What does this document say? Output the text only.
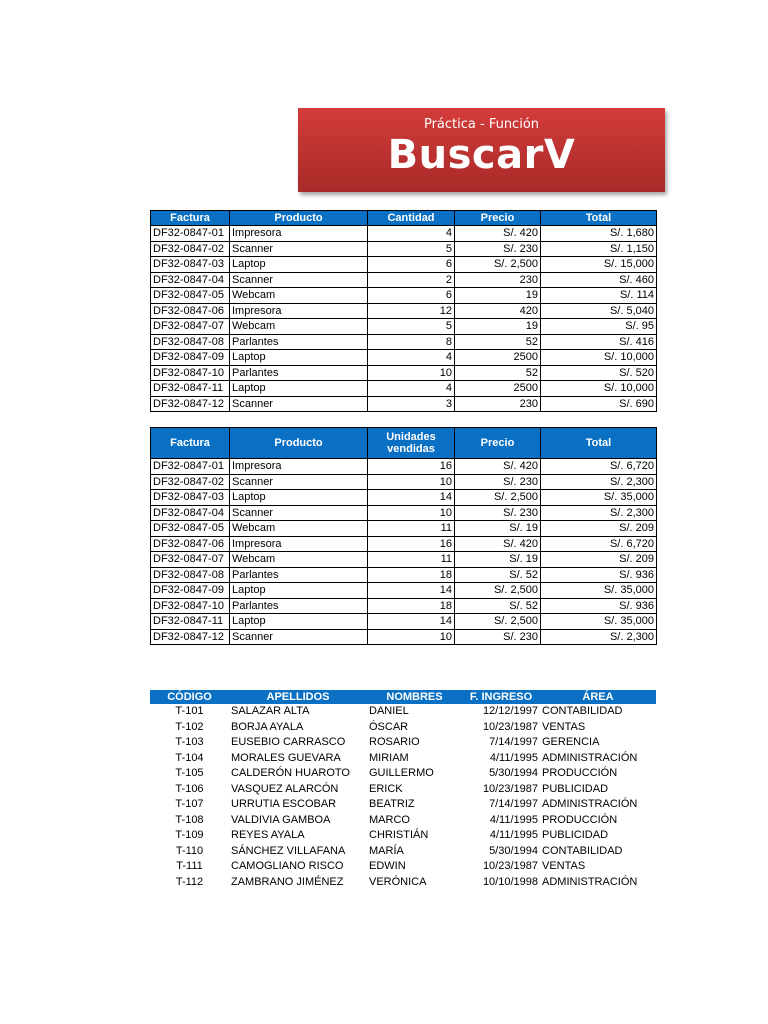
Práctica - Función
BuscarV
Factura	Producto	Cantidad	Precio	Total
DF32-0847-01	Impresora	4	S/. 420	S/. 1,680
DF32-0847-02	Scanner	5	S/. 230	S/. 1,150
DF32-0847-03	Laptop	6	S/. 2,500	S/. 15,000
DF32-0847-04	Scanner	2	230	S/. 460
DF32-0847-05	Webcam	6	19	S/. 114
DF32-0847-06	Impresora	12	420	S/. 5,040
DF32-0847-07	Webcam	5	19	S/. 95
DF32-0847-08	Parlantes	8	52	S/. 416
DF32-0847-09	Laptop	4	2500	S/. 10,000
DF32-0847-10	Parlantes	10	52	S/. 520
DF32-0847-11	Laptop	4	2500	S/. 10,000
DF32-0847-12	Scanner	3	230	S/. 690
Factura	Producto	Unidades vendidas	Precio	Total
DF32-0847-01	Impresora	16	S/. 420	S/. 6,720
DF32-0847-02	Scanner	10	S/. 230	S/. 2,300
DF32-0847-03	Laptop	14	S/. 2,500	S/. 35,000
DF32-0847-04	Scanner	10	S/. 230	S/. 2,300
DF32-0847-05	Webcam	11	S/. 19	S/. 209
DF32-0847-06	Impresora	16	S/. 420	S/. 6,720
DF32-0847-07	Webcam	11	S/. 19	S/. 209
DF32-0847-08	Parlantes	18	S/. 52	S/. 936
DF32-0847-09	Laptop	14	S/. 2,500	S/. 35,000
DF32-0847-10	Parlantes	18	S/. 52	S/. 936
DF32-0847-11	Laptop	14	S/. 2,500	S/. 35,000
DF32-0847-12	Scanner	10	S/. 230	S/. 2,300
CÓDIGO	APELLIDOS	NOMBRES	F. INGRESO	ÁREA
T-101	SALAZAR ALTA	DANIEL	12/12/1997	CONTABILIDAD
T-102	BORJA AYALA	ÓSCAR	10/23/1987	VENTAS
T-103	EUSEBIO CARRASCO	ROSARIO	7/14/1997	GERENCIA
T-104	MORALES GUEVARA	MIRIAM	4/11/1995	ADMINISTRACIÓN
T-105	CALDERÓN HUAROTO	GUILLERMO	5/30/1994	PRODUCCIÓN
T-106	VASQUEZ ALARCÓN	ERICK	10/23/1987	PUBLICIDAD
T-107	URRUTIA ESCOBAR	BEATRIZ	7/14/1997	ADMINISTRACIÓN
T-108	VALDIVIA GAMBOA	MARCO	4/11/1995	PRODUCCIÓN
T-109	REYES AYALA	CHRISTIÁN	4/11/1995	PUBLICIDAD
T-110	SÁNCHEZ VILLAFANA	MARÍA	5/30/1994	CONTABILIDAD
T-111	CAMOGLIANO RISCO	EDWIN	10/23/1987	VENTAS
T-112	ZAMBRANO JIMÉNEZ	VERÓNICA	10/10/1998	ADMINISTRACIÓN
